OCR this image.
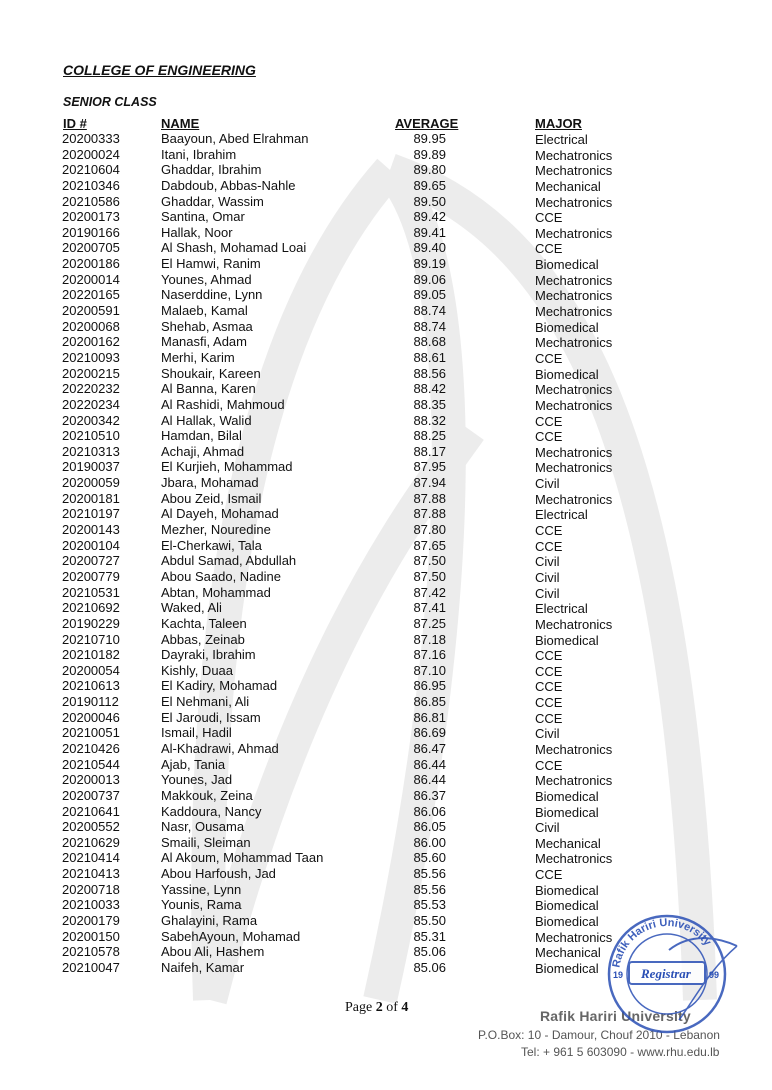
COLLEGE OF ENGINEERING
SENIOR CLASS
ID #	NAME	AVERAGE	MAJOR
20200333	Baayoun, Abed Elrahman	89.95	Electrical
20200024	Itani, Ibrahim	89.89	Mechatronics
20210604	Ghaddar, Ibrahim	89.80	Mechatronics
20210346	Dabdoub, Abbas-Nahle	89.65	Mechanical
20210586	Ghaddar, Wassim	89.50	Mechatronics
20200173	Santina, Omar	89.42	CCE
20190166	Hallak, Noor	89.41	Mechatronics
20200705	Al Shash, Mohamad Loai	89.40	CCE
20200186	El Hamwi, Ranim	89.19	Biomedical
20200014	Younes, Ahmad	89.06	Mechatronics
20220165	Naserddine, Lynn	89.05	Mechatronics
20200591	Malaeb, Kamal	88.74	Mechatronics
20200068	Shehab, Asmaa	88.74	Biomedical
20200162	Manasfi, Adam	88.68	Mechatronics
20210093	Merhi, Karim	88.61	CCE
20200215	Shoukair, Kareen	88.56	Biomedical
20220232	Al Banna, Karen	88.42	Mechatronics
20220234	Al Rashidi, Mahmoud	88.35	Mechatronics
20200342	Al Hallak, Walid	88.32	CCE
20210510	Hamdan, Bilal	88.25	CCE
20210313	Achaji, Ahmad	88.17	Mechatronics
20190037	El Kurjieh, Mohammad	87.95	Mechatronics
20200059	Jbara, Mohamad	87.94	Civil
20200181	Abou Zeid, Ismail	87.88	Mechatronics
20210197	Al Dayeh, Mohamad	87.88	Electrical
20200143	Mezher, Nouredine	87.80	CCE
20200104	El-Cherkawi, Tala	87.65	CCE
20200727	Abdul Samad, Abdullah	87.50	Civil
20200779	Abou Saado, Nadine	87.50	Civil
20210531	Abtan, Mohammad	87.42	Civil
20210692	Waked, Ali	87.41	Electrical
20190229	Kachta, Taleen	87.25	Mechatronics
20210710	Abbas, Zeinab	87.18	Biomedical
20210182	Dayraki, Ibrahim	87.16	CCE
20200054	Kishly, Duaa	87.10	CCE
20210613	El Kadiry, Mohamad	86.95	CCE
20190112	El Nehmani, Ali	86.85	CCE
20200046	El Jaroudi, Issam	86.81	CCE
20210051	Ismail, Hadil	86.69	Civil
20210426	Al-Khadrawi, Ahmad	86.47	Mechatronics
20210544	Ajab, Tania	86.44	CCE
20200013	Younes, Jad	86.44	Mechatronics
20200737	Makkouk, Zeina	86.37	Biomedical
20210641	Kaddoura, Nancy	86.06	Biomedical
20200552	Nasr, Ousama	86.05	Civil
20210629	Smaili, Sleiman	86.00	Mechanical
20210414	Al Akoum, Mohammad Taan	85.60	Mechatronics
20210413	Abou Harfoush, Jad	85.56	CCE
20200718	Yassine, Lynn	85.56	Biomedical
20210033	Younis, Rama	85.53	Biomedical
20200179	Ghalayini, Rama	85.50	Biomedical
20200150	SabehAyoun, Mohamad	85.31	Mechatronics
20210578	Abou Ali, Hashem	85.06	Mechanical
20210047	Naifeh, Kamar	85.06	Biomedical
Page 2 of 4
Rafik Hariri University
P.O.Box: 10 - Damour, Chouf 2010 - Lebanon
Tel: + 961 5 603090 - www.rhu.edu.lb
Rafik Hariri University
Registrar
19	99
